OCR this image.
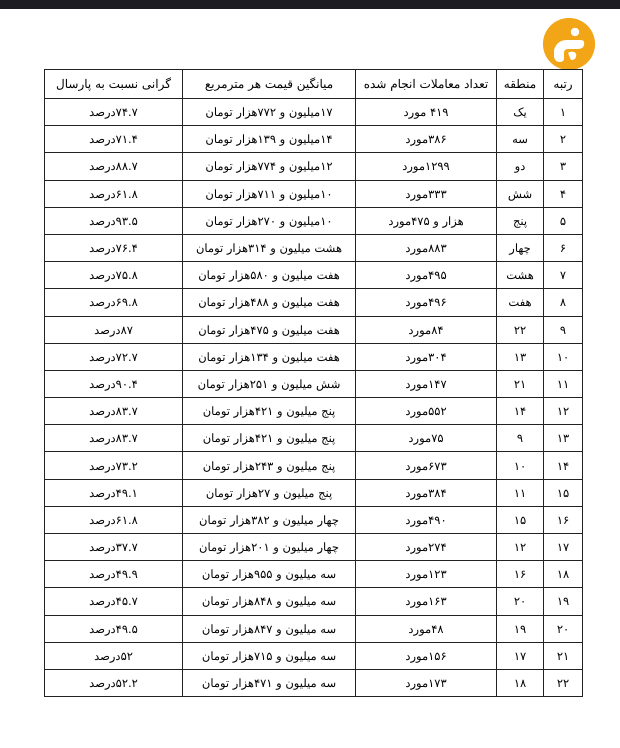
رتبه	منطقه	تعداد معاملات انجام شده	میانگین قیمت هر مترمربع	گرانی نسبت به پارسال
۱	یک	۴۱۹ مورد	۱۷میلیون و ۷۷۲هزار تومان	۷۴.۷درصد
۲	سه	۳۸۶مورد	۱۴میلیون و ۱۳۹هزار تومان	۷۱.۴درصد
۳	دو	۱۲۹۹مورد	۱۲میلیون و ۷۷۴هزار تومان	۸۸.۷درصد
۴	شش	۳۳۳مورد	۱۰میلیون و ۷۱۱هزار تومان	۶۱.۸درصد
۵	پنج	هزار و ۴۷۵مورد	۱۰میلیون و ۲۷۰هزار تومان	۹۳.۵درصد
۶	چهار	۸۸۳مورد	هشت میلیون و ۳۱۴هزار تومان	۷۶.۴درصد
۷	هشت	۴۹۵مورد	هفت میلیون و ۵۸۰هزار تومان	۷۵.۸درصد
۸	هفت	۴۹۶مورد	هفت میلیون و ۴۸۸هزار تومان	۶۹.۸درصد
۹	۲۲	۸۴مورد	هفت میلیون و ۴۷۵هزار تومان	۸۷درصد
۱۰	۱۳	۳۰۴مورد	هفت میلیون و ۱۳۴هزار تومان	۷۲.۷درصد
۱۱	۲۱	۱۴۷مورد	شش میلیون و ۲۵۱هزار تومان	۹۰.۴درصد
۱۲	۱۴	۵۵۲مورد	پنج میلیون و ۴۲۱هزار تومان	۸۳.۷درصد
۱۳	۹	۷۵مورد	پنج میلیون و ۴۲۱هزار تومان	۸۳.۷درصد
۱۴	۱۰	۶۷۳مورد	پنج میلیون و ۲۴۳هزار تومان	۷۳.۲درصد
۱۵	۱۱	۳۸۴مورد	پنج میلیون و ۲۷هزار تومان	۴۹.۱درصد
۱۶	۱۵	۴۹۰مورد	چهار میلیون و ۳۸۲هزار تومان	۶۱.۸درصد
۱۷	۱۲	۲۷۴مورد	چهار میلیون و ۲۰۱هزار تومان	۳۷.۷درصد
۱۸	۱۶	۱۲۳مورد	سه میلیون و ۹۵۵هزار تومان	۴۹.۹درصد
۱۹	۲۰	۱۶۳مورد	سه میلیون و ۸۴۸هزار تومان	۴۵.۷درصد
۲۰	۱۹	۴۸مورد	سه میلیون و ۸۴۷هزار تومان	۴۹.۵درصد
۲۱	۱۷	۱۵۶مورد	سه میلیون و ۷۱۵هزار تومان	۵۲درصد
۲۲	۱۸	۱۷۳مورد	سه میلیون و ۴۷۱هزار تومان	۵۲.۲درصد
